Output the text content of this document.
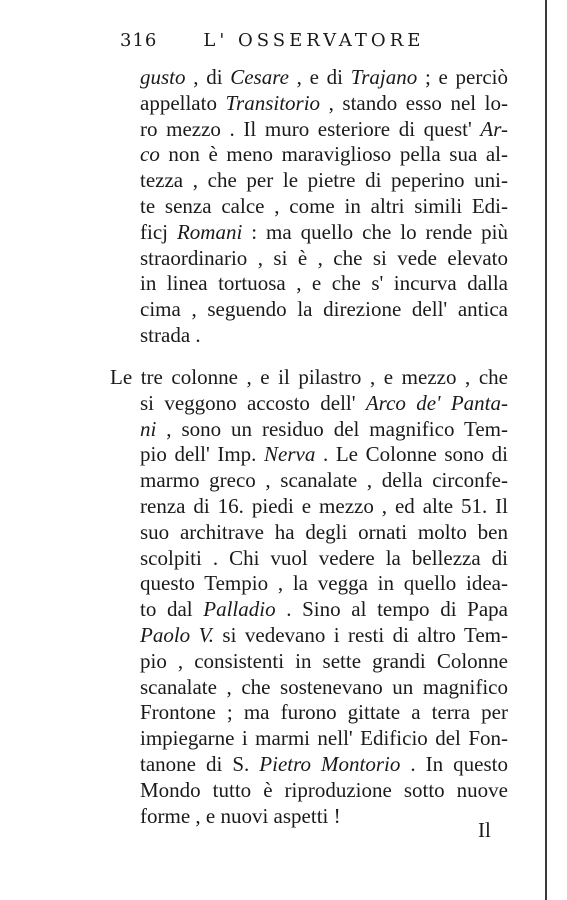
316	L' OSSERVATORE
gusto , di Cesare , e di Trajano ; e perciò
appellato Transitorio , stando esso nel lo-
ro mezzo . Il muro esteriore di quest' Ar-
co non è meno maraviglioso pella sua al-
tezza , che per le pietre di peperino uni-
te senza calce , come in altri simili Edi-
ficj Romani : ma quello che lo rende più
straordinario , si è , che si vede elevato
in linea tortuosa , e che s' incurva dalla
cima , seguendo la direzione dell' antica
strada .
Le tre colonne , e il pilastro , e mezzo , che
si veggono accosto dell' Arco de' Panta-
ni , sono un residuo del magnifico Tem-
pio dell' Imp. Nerva . Le Colonne sono di
marmo greco , scanalate , della circonfe-
renza di 16. piedi e mezzo , ed alte 51. Il
suo architrave ha degli ornati molto ben
scolpiti . Chi vuol vedere la bellezza di
questo Tempio , la vegga in quello idea-
to dal Palladio . Sino al tempo di Papa
Paolo V. si vedevano i resti di altro Tem-
pio , consistenti in sette grandi Colonne
scanalate , che sostenevano un magnifico
Frontone ; ma furono gittate a terra per
impiegarne i marmi nell' Edificio del Fon-
tanone di S. Pietro Montorio . In questo
Mondo tutto è riproduzione sotto nuove
forme , e nuovi aspetti !
Il
